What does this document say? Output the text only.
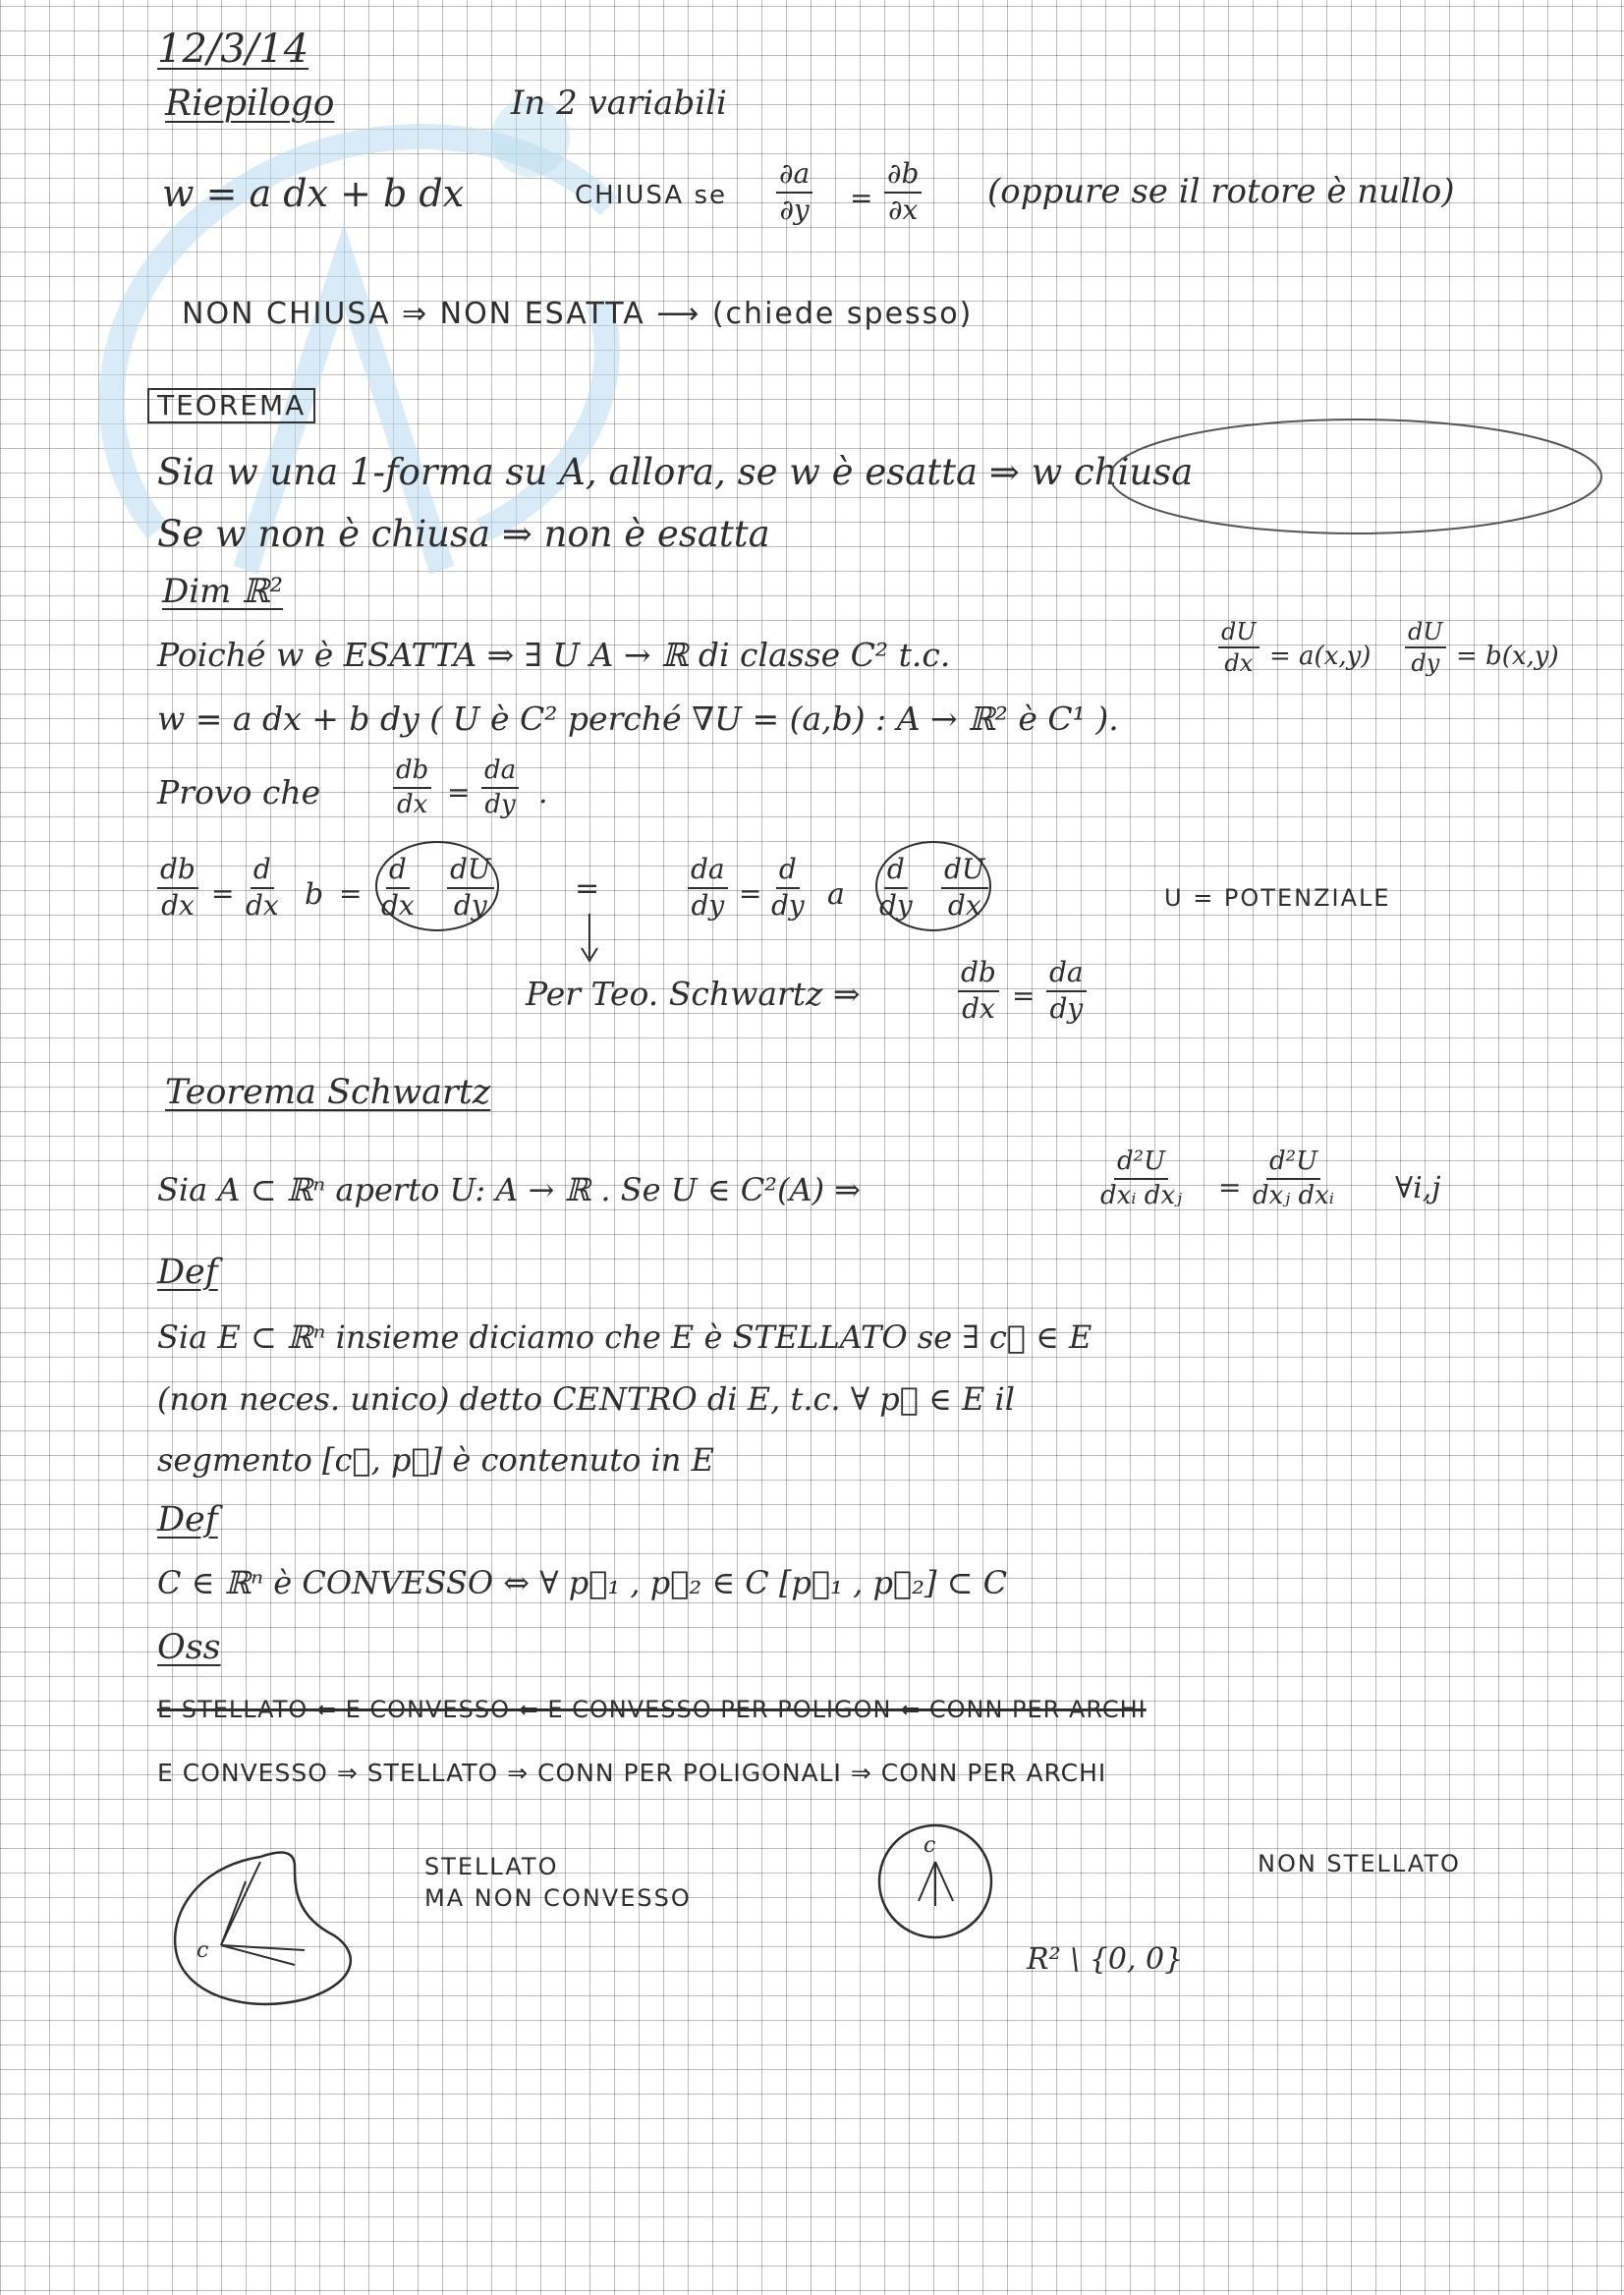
12/3/14
Riepilogo	In 2 variabili
w = a dx + b dx	CHIUSA se $\frac{\partial a}{\partial y} = \frac{\partial b}{\partial x}$ (oppure se il rotore è nullo)
NON CHIUSA ⇒ NON ESATTA ⟶ (chiede spesso)
TEOREMA
Sia w una 1-forma su A, allora, se w è esatta ⇒ w chiusa
Se w non è chiusa ⇒ non è esatta
Dim ℝ²
Poiché w è ESATTA ⇒ ∃ U A → ℝ di classe C² t.c.	$\frac{dU}{dx} = a(x,y) \frac{dU}{dy} = b(x,y)$
w = a dx + b dy ( U è C² perché ∇U = (a,b) : A → ℝ² è C¹ ).
Provo che	$\frac{db}{dx} = \frac{da}{dy}$ .
$\frac{db}{dx} = \frac{d}{dx}$ $b = \frac{d}{dx} \frac{dU}{dy}$	=	$\frac{da}{dy} = \frac{d}{dy}$ a $\frac{d}{dy} \frac{dU}{dx}$	U = POTENZIALE
Per Teo. Schwartz ⇒	$\frac{db}{dx} = \frac{da}{dy}$
Teorema Schwartz
Sia A ⊂ ℝⁿ aperto U: A → ℝ . Se U ∈ C²(A) ⇒
d²U
dxᵢ dxⱼ =
d²U
dxⱼ dxᵢ ∀i,j
Def
Sia E ⊂ ℝⁿ insieme diciamo che E è STELLATO se ∃ c⃗ ∈ E
(non neces. unico) detto CENTRO di E, t.c. ∀ p⃗ ∈ E il
segmento [c⃗, p⃗] è contenuto in E
Def
C ∈ ℝⁿ è CONVESSO ⇔ ∀ p⃗₁ , p⃗₂ ∈ C [p⃗₁ , p⃗₂] ⊂ C
Oss
E STELLATO ⇐ E CONVESSO ⇐ E CONVESSO PER POLIGON ⇐ CONN PER ARCHI
E CONVESSO ⇒ STELLATO ⇒ CONN PER POLIGONALI ⇒ CONN PER ARCHI
c
STELLATO
MA NON CONVESSO
c
NON STELLATO
R² \ {0, 0}
